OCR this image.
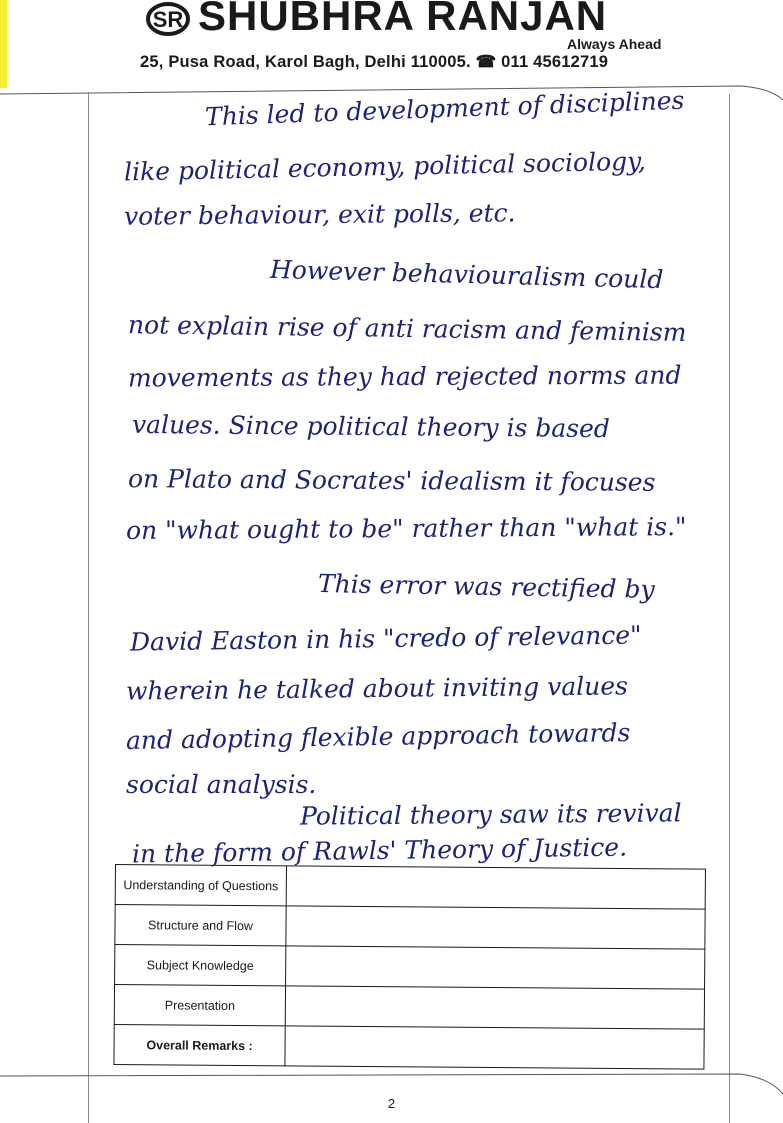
SR SHUBHRA RANJAN
Always Ahead
25, Pusa Road, Karol Bagh, Delhi 110005. ☎ 011 45612719
This led to development of disciplines
like political economy, political sociology,
voter behaviour, exit polls, etc.
However behaviouralism could
not explain rise of anti racism and feminism
movements as they had rejected norms and
values. Since political theory is based
on Plato and Socrates' idealism it focuses
on "what ought to be" rather than "what is."
This error was rectified by
David Easton in his "credo of relevance"
wherein he talked about inviting values
and adopting flexible approach towards
social analysis.
Political theory saw its revival
in the form of Rawls' Theory of Justice.
Understanding of Questions	
Structure and Flow	
Subject Knowledge	
Presentation	
Overall Remarks :	
2
